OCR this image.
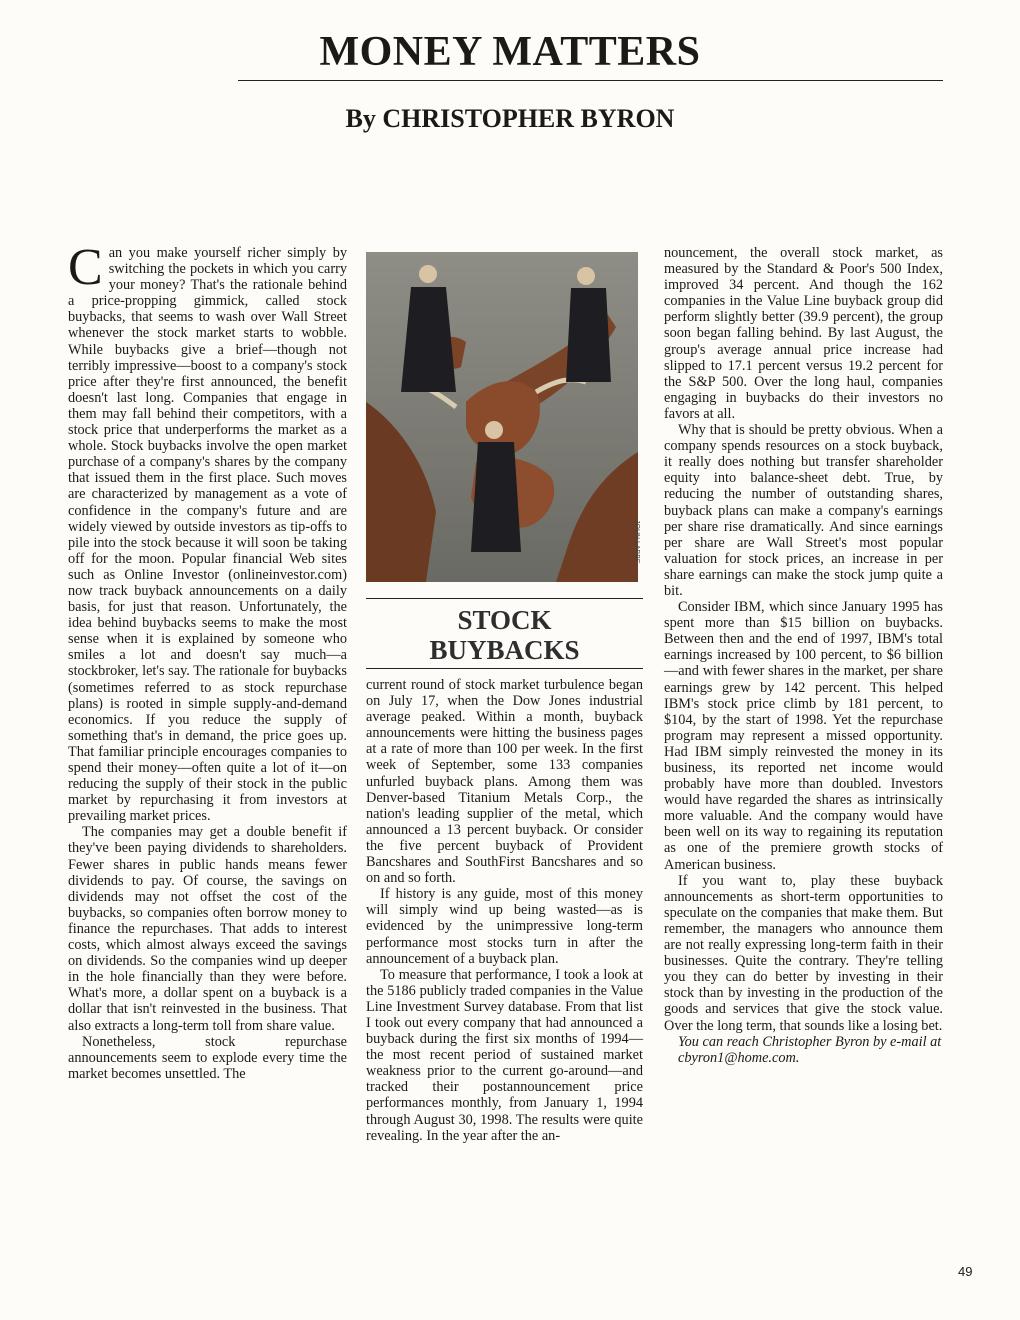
MONEY MATTERS
By CHRISTOPHER BYRON

Can you make yourself richer simply by switching the pockets in which you carry your money? That's the rationale behind a price-propping gimmick, called stock buybacks, that seems to wash over Wall Street whenever the stock market starts to wobble. While buybacks give a brief—though not terribly impressive—boost to a company's stock price after they're first announced, the benefit doesn't last long. Companies that engage in them may fall behind their competitors, with a stock price that underperforms the market as a whole. Stock buybacks involve the open market purchase of a company's shares by the company that issued them in the first place. Such moves are characterized by management as a vote of confidence in the company's future and are widely viewed by outside investors as tip-offs to pile into the stock because it will soon be taking off for the moon. Popular financial Web sites such as Online Investor (onlineinvestor.com) now track buyback announcements on a daily basis, for just that reason. Unfortunately, the idea behind buybacks seems to make the most sense when it is explained by someone who smiles a lot and doesn't say much—a stockbroker, let's say. The rationale for buybacks (sometimes referred to as stock repurchase plans) is rooted in simple supply-and-demand economics. If you reduce the supply of something that's in demand, the price goes up. That familiar principle encourages companies to spend their money—often quite a lot of it—on reducing the supply of their stock in the public market by repurchasing it from investors at prevailing market prices.

The companies may get a double benefit if they've been paying dividends to shareholders. Fewer shares in public hands means fewer dividends to pay. Of course, the savings on dividends may not offset the cost of the buybacks, so companies often borrow money to finance the repurchases. That adds to interest costs, which almost always exceed the savings on dividends. So the companies wind up deeper in the hole financially than they were before. What's more, a dollar spent on a buyback is a dollar that isn't reinvested in the business. That also extracts a long-term toll from share value.

Nonetheless, stock repurchase announcements seem to explode every time the market becomes unsettled. The

JOHN LABBE
STOCK
BUYBACKS

current round of stock market turbulence began on July 17, when the Dow Jones industrial average peaked. Within a month, buyback announcements were hitting the business pages at a rate of more than 100 per week. In the first week of September, some 133 companies unfurled buyback plans. Among them was Denver-based Titanium Metals Corp., the nation's leading supplier of the metal, which announced a 13 percent buyback. Or consider the five percent buyback of Provident Bancshares and SouthFirst Bancshares and so on and so forth.

If history is any guide, most of this money will simply wind up being wasted—as is evidenced by the unimpressive long-term performance most stocks turn in after the announcement of a buyback plan.

To measure that performance, I took a look at the 5186 publicly traded companies in the Value Line Investment Survey database. From that list I took out every company that had announced a buyback during the first six months of 1994—the most recent period of sustained market weakness prior to the current go-around—and tracked their postannouncement price performances monthly, from January 1, 1994 through August 30, 1998. The results were quite revealing. In the year after the an-

nouncement, the overall stock market, as measured by the Standard & Poor's 500 Index, improved 34 percent. And though the 162 companies in the Value Line buyback group did perform slightly better (39.9 percent), the group soon began falling behind. By last August, the group's average annual price increase had slipped to 17.1 percent versus 19.2 percent for the S&P 500. Over the long haul, companies engaging in buybacks do their investors no favors at all.

Why that is should be pretty obvious. When a company spends resources on a stock buyback, it really does nothing but transfer shareholder equity into balance-sheet debt. True, by reducing the number of outstanding shares, buyback plans can make a company's earnings per share rise dramatically. And since earnings per share are Wall Street's most popular valuation for stock prices, an increase in per share earnings can make the stock jump quite a bit.

Consider IBM, which since January 1995 has spent more than $15 billion on buybacks. Between then and the end of 1997, IBM's total earnings increased by 100 percent, to $6 billion—and with fewer shares in the market, per share earnings grew by 142 percent. This helped IBM's stock price climb by 181 percent, to $104, by the start of 1998. Yet the repurchase program may represent a missed opportunity. Had IBM simply reinvested the money in its business, its reported net income would probably have more than doubled. Investors would have regarded the shares as intrinsically more valuable. And the company would have been well on its way to regaining its reputation as one of the premiere growth stocks of American business.

If you want to, play these buyback announcements as short-term opportunities to speculate on the companies that make them. But remember, the managers who announce them are not really expressing long-term faith in their businesses. Quite the contrary. They're telling you they can do better by investing in their stock than by investing in the production of the goods and services that give the stock value. Over the long term, that sounds like a losing bet.

You can reach Christopher Byron by e-mail at cbyron1@home.com.

49
